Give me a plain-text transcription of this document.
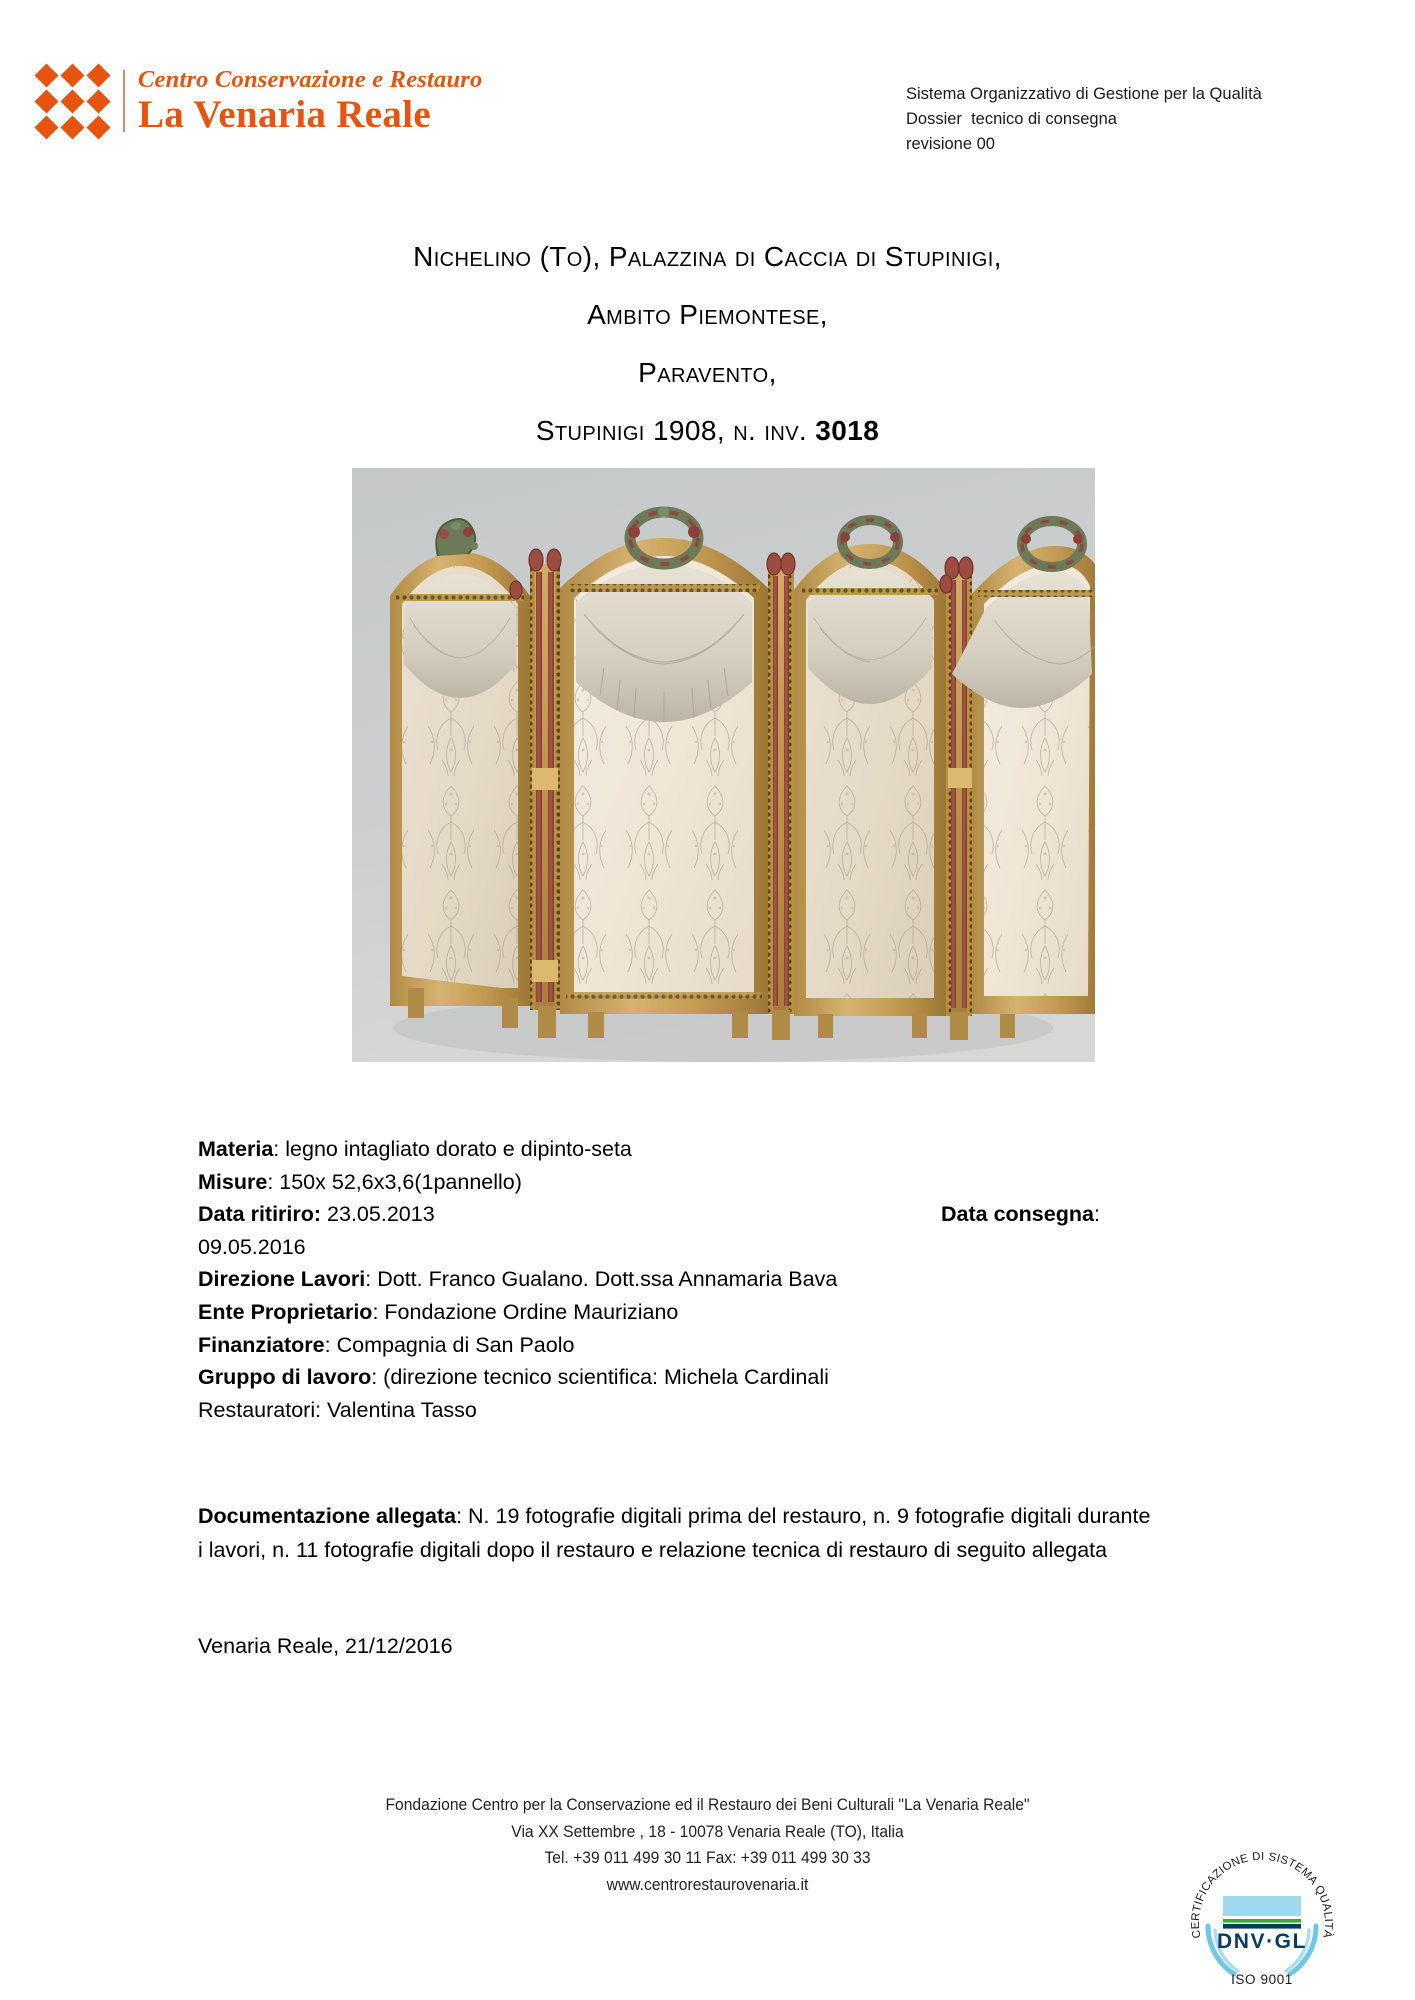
Centro Conservazione e Restauro
La Venaria Reale	Sistema Organizzativo di Gestione per la Qualità
Dossier  tecnico di consegna
revisione 00
Nichelino (To), Palazzina di Caccia di Stupinigi,
Ambito Piemontese,
Paravento,
Stupinigi 1908, n. inv. 3018
Materia: legno intagliato dorato e dipinto-seta
Misure: 150x 52,6x3,6(1pannello)
Data ritiriro: 23.05.2013	Data consegna:
09.05.2016
Direzione Lavori: Dott. Franco Gualano. Dott.ssa Annamaria Bava
Ente Proprietario: Fondazione Ordine Mauriziano
Finanziatore: Compagnia di San Paolo
Gruppo di lavoro: (direzione tecnico scientifica: Michela Cardinali
Restauratori: Valentina Tasso
Documentazione allegata: N. 19 fotografie digitali prima del restauro, n. 9 fotografie digitali durante i lavori, n. 11 fotografie digitali dopo il restauro e relazione tecnica di restauro di seguito allegata
Venaria Reale, 21/12/2016
Fondazione Centro per la Conservazione ed il Restauro dei Beni Culturali "La Venaria Reale"
Via XX Settembre , 18 - 10078 Venaria Reale (TO), Italia
Tel. +39 011 499 30 11 Fax: +39 011 499 30 33
www.centrorestaurovenaria.it
CERTIFICAZIONE DI SISTEMA QUALITÀ
DNV·GL
ISO 9001
